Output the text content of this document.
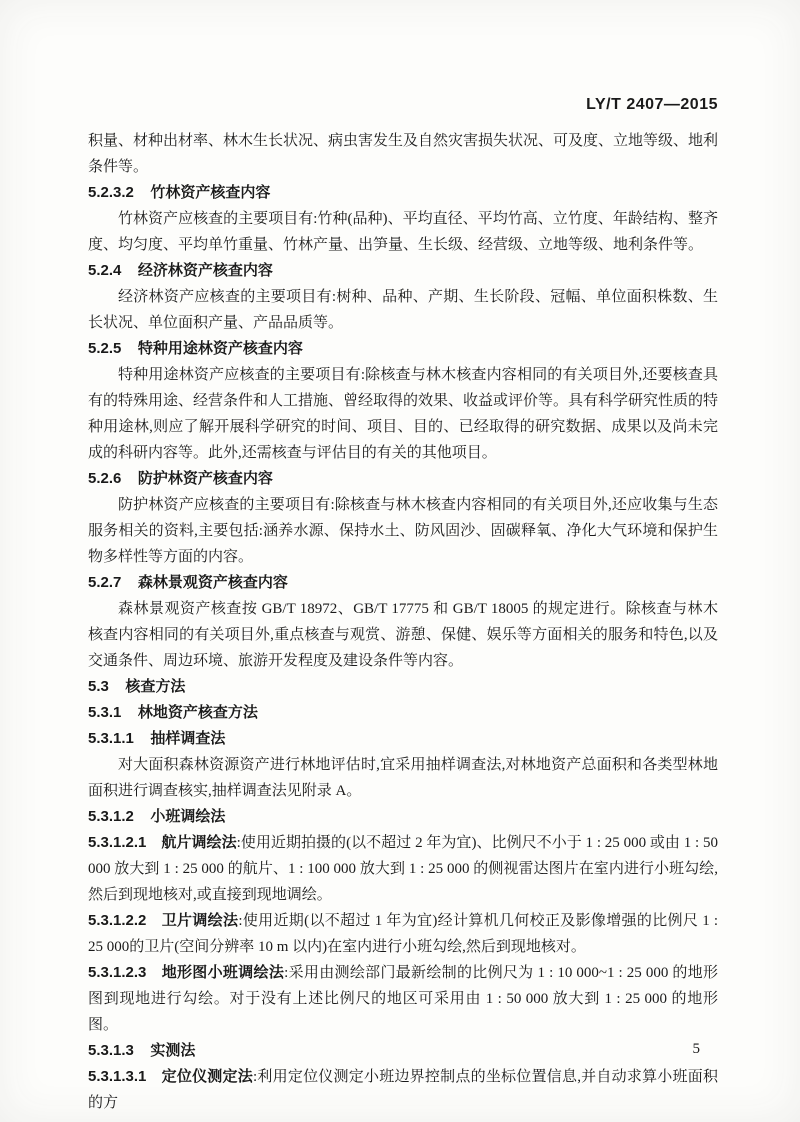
LY/T 2407—2015

积量、材种出材率、林木生长状况、病虫害发生及自然灾害损失状况、可及度、立地等级、地利条件等。

5.2.3.2 竹林资产核查内容

竹林资产应核查的主要项目有:竹种(品种)、平均直径、平均竹高、立竹度、年龄结构、整齐度、均匀度、平均单竹重量、竹林产量、出笋量、生长级、经营级、立地等级、地利条件等。

5.2.4 经济林资产核查内容

经济林资产应核查的主要项目有:树种、品种、产期、生长阶段、冠幅、单位面积株数、生长状况、单位面积产量、产品品质等。

5.2.5 特种用途林资产核查内容

特种用途林资产应核查的主要项目有:除核查与林木核查内容相同的有关项目外,还要核查具有的特殊用途、经营条件和人工措施、曾经取得的效果、收益或评价等。具有科学研究性质的特种用途林,则应了解开展科学研究的时间、项目、目的、已经取得的研究数据、成果以及尚未完成的科研内容等。此外,还需核查与评估目的有关的其他项目。

5.2.6 防护林资产核查内容

防护林资产应核查的主要项目有:除核查与林木核查内容相同的有关项目外,还应收集与生态服务相关的资料,主要包括:涵养水源、保持水土、防风固沙、固碳释氧、净化大气环境和保护生物多样性等方面的内容。

5.2.7 森林景观资产核查内容

森林景观资产核查按 GB/T 18972、GB/T 17775 和 GB/T 18005 的规定进行。除核查与林木核查内容相同的有关项目外,重点核查与观赏、游憩、保健、娱乐等方面相关的服务和特色,以及交通条件、周边环境、旅游开发程度及建设条件等内容。

5.3 核查方法
5.3.1 林地资产核查方法
5.3.1.1 抽样调查法

对大面积森林资源资产进行林地评估时,宜采用抽样调查法,对林地资产总面积和各类型林地面积进行调查核实,抽样调查法见附录 A。

5.3.1.2 小班调绘法

5.3.1.2.1 航片调绘法:使用近期拍摄的(以不超过 2 年为宜)、比例尺不小于 1 : 25 000 或由 1 : 50 000 放大到 1 : 25 000 的航片、1 : 100 000 放大到 1 : 25 000 的侧视雷达图片在室内进行小班勾绘,然后到现地核对,或直接到现地调绘。

5.3.1.2.2 卫片调绘法:使用近期(以不超过 1 年为宜)经计算机几何校正及影像增强的比例尺 1 : 25 000的卫片(空间分辨率 10 m 以内)在室内进行小班勾绘,然后到现地核对。

5.3.1.2.3 地形图小班调绘法:采用由测绘部门最新绘制的比例尺为 1 : 10 000~1 : 25 000 的地形图到现地进行勾绘。对于没有上述比例尺的地区可采用由 1 : 50 000 放大到 1 : 25 000 的地形图。

5.3.1.3 实测法

5.3.1.3.1 定位仪测定法:利用定位仪测定小班边界控制点的坐标位置信息,并自动求算小班面积的方

5
